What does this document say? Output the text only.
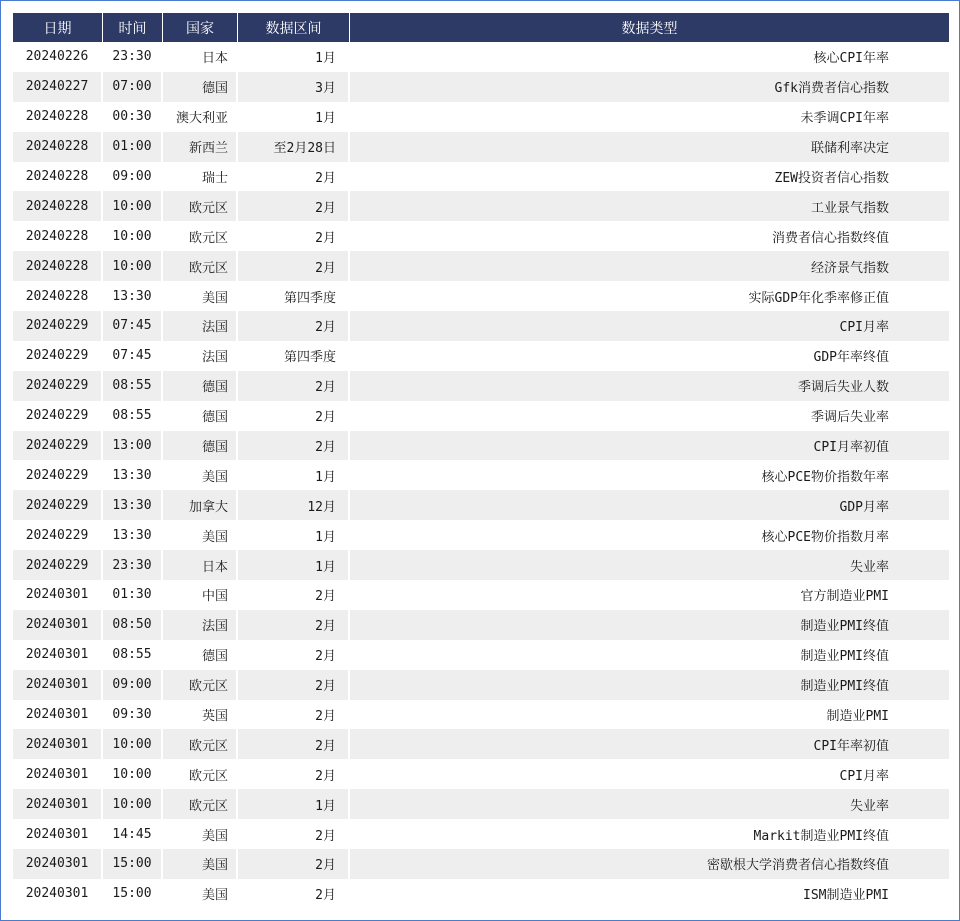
日期	时间	国家	数据区间	数据类型
20240226	23:30	日本	1月	核心CPI年率
20240227	07:00	德国	3月	Gfk消费者信心指数
20240228	00:30	澳大利亚	1月	未季调CPI年率
20240228	01:00	新西兰	至2月28日	联储利率决定
20240228	09:00	瑞士	2月	ZEW投资者信心指数
20240228	10:00	欧元区	2月	工业景气指数
20240228	10:00	欧元区	2月	消费者信心指数终值
20240228	10:00	欧元区	2月	经济景气指数
20240228	13:30	美国	第四季度	实际GDP年化季率修正值
20240229	07:45	法国	2月	CPI月率
20240229	07:45	法国	第四季度	GDP年率终值
20240229	08:55	德国	2月	季调后失业人数
20240229	08:55	德国	2月	季调后失业率
20240229	13:00	德国	2月	CPI月率初值
20240229	13:30	美国	1月	核心PCE物价指数年率
20240229	13:30	加拿大	12月	GDP月率
20240229	13:30	美国	1月	核心PCE物价指数月率
20240229	23:30	日本	1月	失业率
20240301	01:30	中国	2月	官方制造业PMI
20240301	08:50	法国	2月	制造业PMI终值
20240301	08:55	德国	2月	制造业PMI终值
20240301	09:00	欧元区	2月	制造业PMI终值
20240301	09:30	英国	2月	制造业PMI
20240301	10:00	欧元区	2月	CPI年率初值
20240301	10:00	欧元区	2月	CPI月率
20240301	10:00	欧元区	1月	失业率
20240301	14:45	美国	2月	Markit制造业PMI终值
20240301	15:00	美国	2月	密歇根大学消费者信心指数终值
20240301	15:00	美国	2月	ISM制造业PMI
